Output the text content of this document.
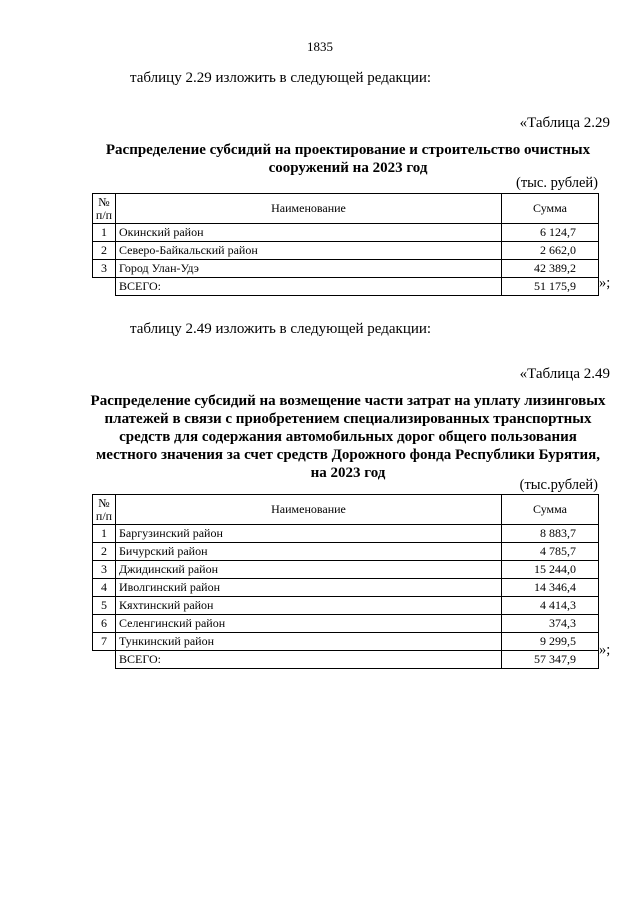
1835
таблицу 2.29 изложить в следующей редакции:
«Таблица 2.29
Распределение субсидий на проектирование и строительство очистных
сооружений на 2023 год
(тыс. рублей)
№
п/п	Наименование	Сумма
1	Окинский район	6 124,7
2	Северо-Байкальский район	2 662,0
3	Город Улан-Удэ	42 389,2
	ВСЕГО:	51 175,9 »;
таблицу 2.49 изложить в следующей редакции:
«Таблица 2.49
Распределение субсидий на возмещение части затрат на уплату лизинговых
платежей в связи с приобретением специализированных транспортных
средств для содержания автомобильных дорог общего пользования
местного значения за счет средств Дорожного фонда Республики Бурятия,
на 2023 год
(тыс.рублей)
№
п/п	Наименование	Сумма
1	Баргузинский район	8 883,7
2	Бичурский район	4 785,7
3	Джидинский район	15 244,0
4	Иволгинский район	14 346,4
5	Кяхтинский район	4 414,3
6	Селенгинский район	374,3
7	Тункинский район	9 299,5
	ВСЕГО:	57 347,9
»;
